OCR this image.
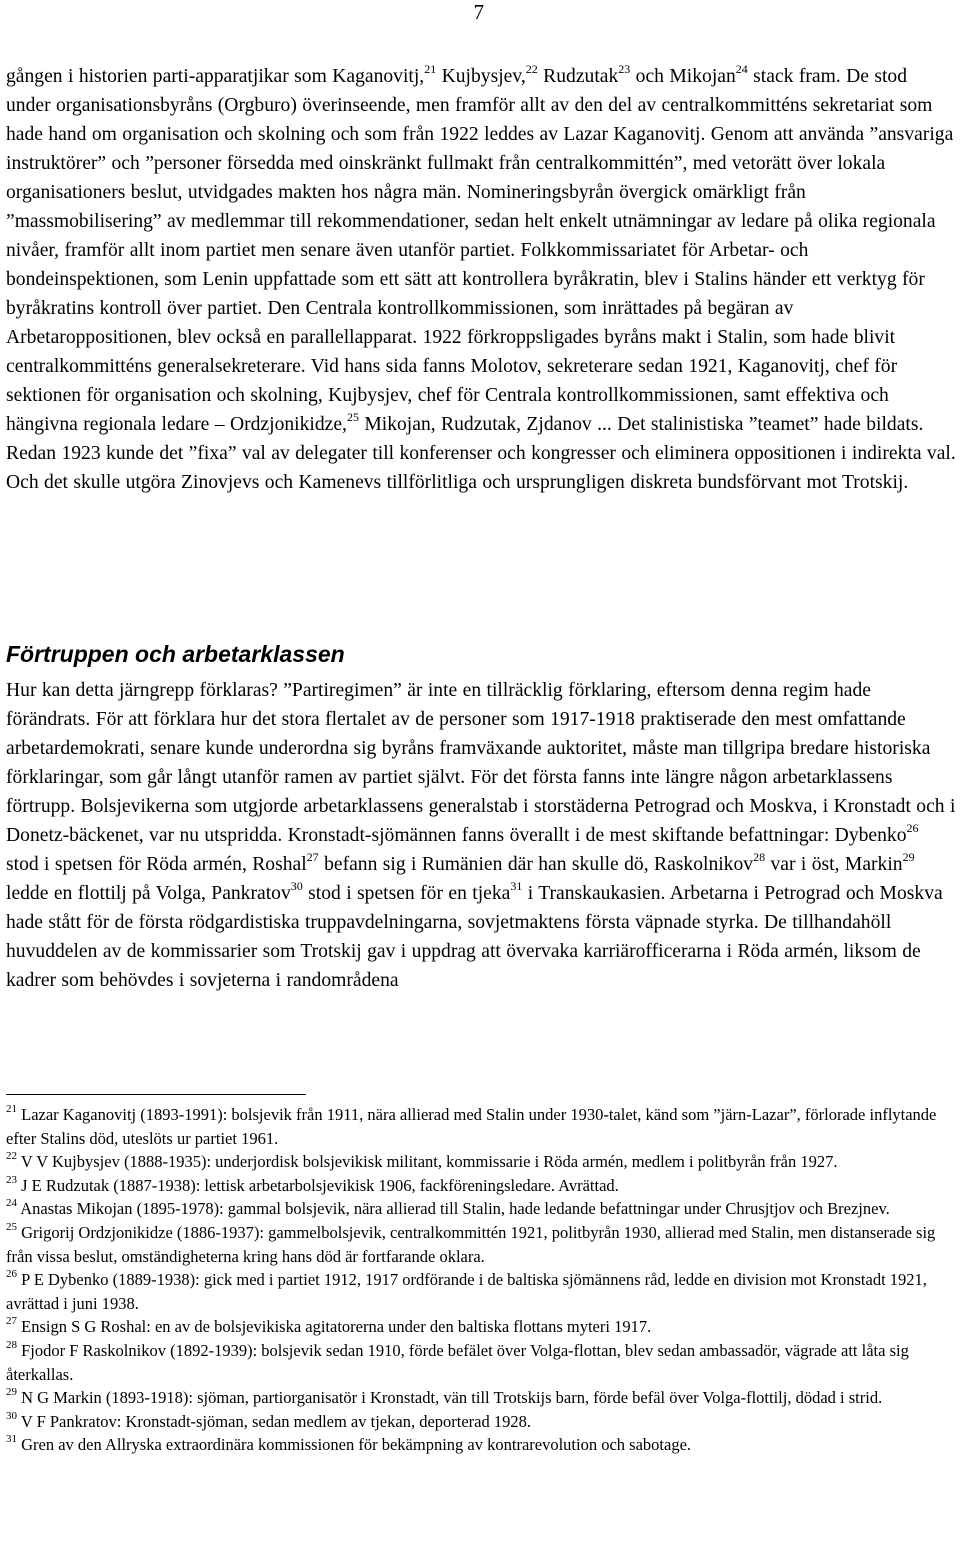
7

gången i historien parti-apparatjikar som Kaganovitj,$^{21}$ Kujbysjev,$^{22}$ Rudzutak$^{23}$ och Mikojan$^{24}$ stack fram. De stod under organisationsbyråns (Orgburo) överinseende, men framför allt av den del av centralkommitténs sekretariat som hade hand om organisation och skolning och som från 1922 leddes av Lazar Kaganovitj. Genom att använda ”ansvariga instruktörer” och ”personer försedda med oinskränkt fullmakt från centralkommittén”, med vetorätt över lokala organisationers beslut, utvidgades makten hos några män. Nomineringsbyrån övergick omärkligt från ”massmobilisering” av medlemmar till rekommendationer, sedan helt enkelt utnämningar av ledare på olika regionala nivåer, framför allt inom partiet men senare även utanför partiet. Folkkommissariatet för Arbetar- och bondeinspektionen, som Lenin uppfattade som ett sätt att kontrollera byråkratin, blev i Stalins händer ett verktyg för byråkratins kontroll över partiet. Den Centrala kontrollkommissionen, som inrättades på begäran av Arbetaroppositionen, blev också en parallellapparat. 1922 förkroppsligades byråns makt i Stalin, som hade blivit centralkommitténs generalsekreterare. Vid hans sida fanns Molotov, sekreterare sedan 1921, Kaganovitj, chef för sektionen för organisation och skolning, Kujbysjev, chef för Centrala kontrollkommissionen, samt effektiva och hängivna regionala ledare – Ordzjonikidze,$^{25}$ Mikojan, Rudzutak, Zjdanov ... Det stalinistiska ”teamet” hade bildats. Redan 1923 kunde det ”fixa” val av delegater till konferenser och kongresser och eliminera oppositionen i indirekta val. Och det skulle utgöra Zinovjevs och Kamenevs tillförlitliga och ursprungligen diskreta bundsförvant mot Trotskij.

Förtruppen och arbetarklassen

Hur kan detta järngrepp förklaras? ”Partiregimen” är inte en tillräcklig förklaring, eftersom denna regim hade förändrats. För att förklara hur det stora flertalet av de personer som 1917-1918 praktiserade den mest omfattande arbetardemokrati, senare kunde underordna sig byråns framväxande auktoritet, måste man tillgripa bredare historiska förklaringar, som går långt utanför ramen av partiet självt. För det första fanns inte längre någon arbetarklassens förtrupp. Bolsjevikerna som utgjorde arbetarklassens generalstab i storstäderna Petrograd och Moskva, i Kronstadt och i Donetz-bäckenet, var nu utspridda. Kronstadt-sjömännen fanns överallt i de mest skiftande befattningar: Dybenko$^{26}$ stod i spetsen för Röda armén, Roshal$^{27}$ befann sig i Rumänien där han skulle dö, Raskolnikov$^{28}$ var i öst, Markin$^{29}$ ledde en flottilj på Volga, Pankratov$^{30}$ stod i spetsen för en tjeka$^{31}$ i Transkaukasien. Arbetarna i Petrograd och Moskva hade stått för de första rödgardistiska truppavdelningarna, sovjetmaktens första väpnade styrka. De tillhandahöll huvuddelen av de kommissarier som Trotskij gav i uppdrag att övervaka karriärofficerarna i Röda armén, liksom de kadrer som behövdes i sovjeterna i randområdena

$^{21}$ Lazar Kaganovitj (1893-1991): bolsjevik från 1911, nära allierad med Stalin under 1930-talet, känd som ”järn-Lazar”, förlorade inflytande efter Stalins död, uteslöts ur partiet 1961.

$^{22}$ V V Kujbysjev (1888-1935): underjordisk bolsjevikisk militant, kommissarie i Röda armén, medlem i politbyrån från 1927.

$^{23}$ J E Rudzutak (1887-1938): lettisk arbetarbolsjevikisk 1906, fackföreningsledare. Avrättad.

$^{24}$ Anastas Mikojan (1895-1978): gammal bolsjevik, nära allierad till Stalin, hade ledande befattningar under Chrusjtjov och Brezjnev.

$^{25}$ Grigorij Ordzjonikidze (1886-1937): gammelbolsjevik, centralkommittén 1921, politbyrån 1930, allierad med Stalin, men distanserade sig från vissa beslut, omständigheterna kring hans död är fortfarande oklara.

$^{26}$ P E Dybenko (1889-1938): gick med i partiet 1912, 1917 ordförande i de baltiska sjömännens råd, ledde en division mot Kronstadt 1921, avrättad i juni 1938.

$^{27}$ Ensign S G Roshal: en av de bolsjevikiska agitatorerna under den baltiska flottans myteri 1917.

$^{28}$ Fjodor F Raskolnikov (1892-1939): bolsjevik sedan 1910, förde befälet över Volga-flottan, blev sedan ambassadör, vägrade att låta sig återkallas.

$^{29}$ N G Markin (1893-1918): sjöman, partiorganisatör i Kronstadt, vän till Trotskijs barn, förde befäl över Volga-flottilj, dödad i strid.

$^{30}$ V F Pankratov: Kronstadt-sjöman, sedan medlem av tjekan, deporterad 1928.

$^{31}$ Gren av den Allryska extraordinära kommissionen för bekämpning av kontrarevolution och sabotage.
